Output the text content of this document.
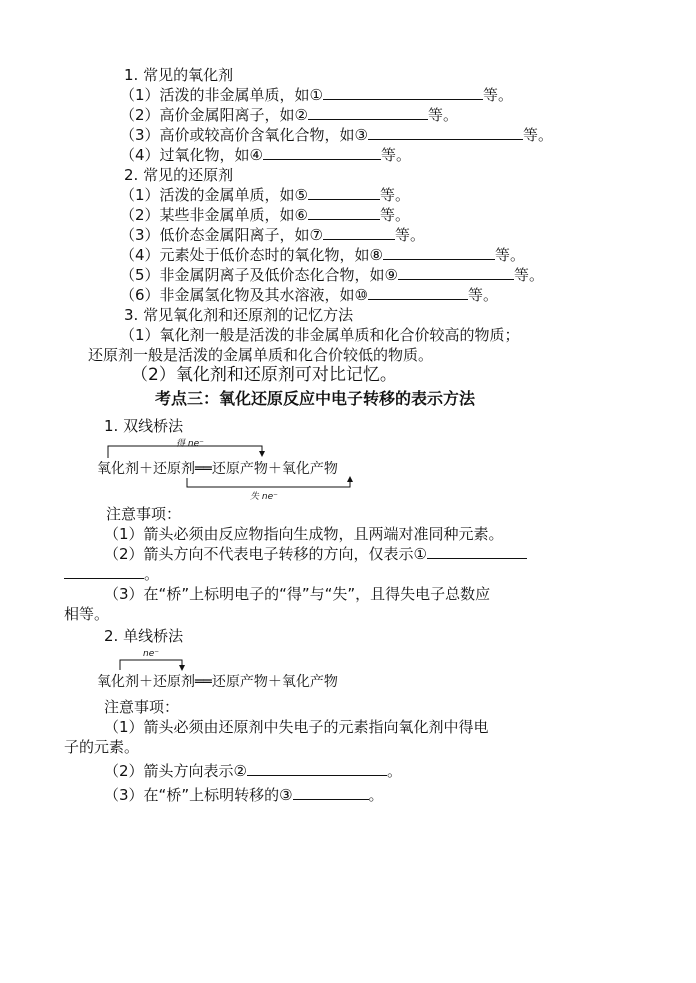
1. 常见的氧化剂
（1）活泼的非金属单质，如①	等。
（2）高价金属阳离子，如②	等。
（3）高价或较高价含氧化合物，如③	等。
（4）过氧化物，如④	等。
2. 常见的还原剂
（1）活泼的金属单质，如⑤	等。
（2）某些非金属单质，如⑥	等。
（3）低价态金属阳离子，如⑦	等。
（4）元素处于低价态时的氧化物，如⑧	等。
（5）非金属阴离子及低价态化合物，如⑨	等。
（6）非金属氢化物及其水溶液，如⑩	等。
3. 常见氧化剂和还原剂的记忆方法
（1）氧化剂一般是活泼的非金属单质和化合价较高的物质；
还原剂一般是活泼的金属单质和化合价较低的物质。
（2）氧化剂和还原剂可对比记忆。
考点三：氧化还原反应中电子转移的表示方法
1. 双线桥法
得 ne⁻
失 ne⁻
氧化剂＋还原剂══还原产物＋氧化产物
注意事项：
（1）箭头必须由反应物指向生成物，且两端对准同种元素。
（2）箭头方向不代表电子转移的方向，仅表示①
。
（3）在“桥”上标明电子的“得”与“失”，且得失电子总数应
相等。
2. 单线桥法
ne⁻
氧化剂＋还原剂══还原产物＋氧化产物
注意事项：
（1）箭头必须由还原剂中失电子的元素指向氧化剂中得电
子的元素。
（2）箭头方向表示②	。
（3）在“桥”上标明转移的③	。
